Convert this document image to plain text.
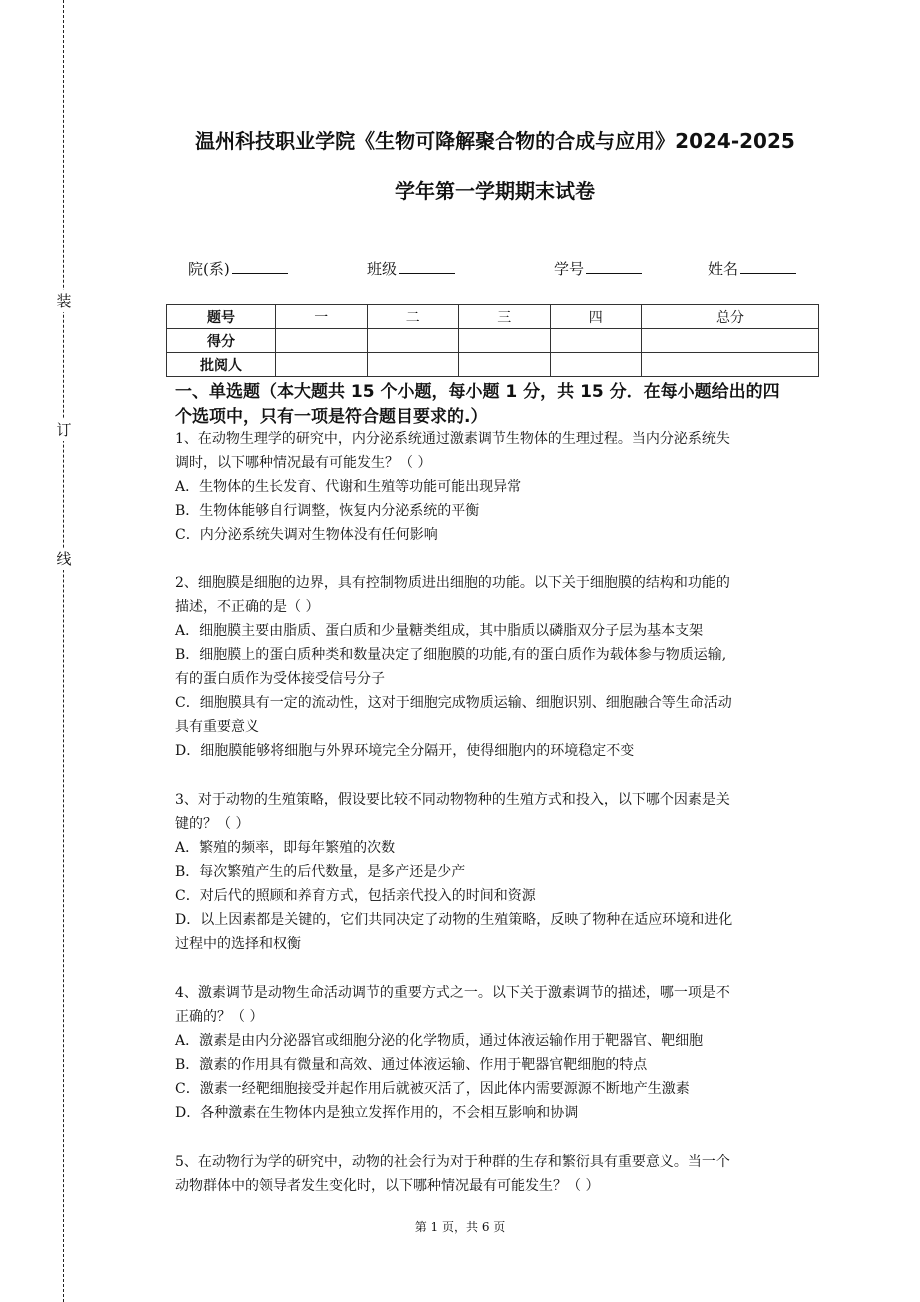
装
订
线
温州科技职业学院《生物可降解聚合物的合成与应用》2024-2025
学年第一学期期末试卷
院(系)	班级	学号	姓名
题号	一	二	三	四	总分
得分					
批阅人					
一、单选题（本大题共 15 个小题，每小题 1 分，共 15 分．在每小题给出的四
个选项中，只有一项是符合题目要求的.）
1、在动物生理学的研究中，内分泌系统通过激素调节生物体的生理过程。当内分泌系统失
调时，以下哪种情况最有可能发生？（ ）
A．生物体的生长发育、代谢和生殖等功能可能出现异常
B．生物体能够自行调整，恢复内分泌系统的平衡
C．内分泌系统失调对生物体没有任何影响
2、细胞膜是细胞的边界，具有控制物质进出细胞的功能。以下关于细胞膜的结构和功能的
描述，不正确的是（ ）
A．细胞膜主要由脂质、蛋白质和少量糖类组成，其中脂质以磷脂双分子层为基本支架
B．细胞膜上的蛋白质种类和数量决定了细胞膜的功能,有的蛋白质作为载体参与物质运输,
有的蛋白质作为受体接受信号分子
C．细胞膜具有一定的流动性，这对于细胞完成物质运输、细胞识别、细胞融合等生命活动
具有重要意义
D．细胞膜能够将细胞与外界环境完全分隔开，使得细胞内的环境稳定不变
3、对于动物的生殖策略，假设要比较不同动物物种的生殖方式和投入，以下哪个因素是关
键的？（ ）
A．繁殖的频率，即每年繁殖的次数
B．每次繁殖产生的后代数量，是多产还是少产
C．对后代的照顾和养育方式，包括亲代投入的时间和资源
D．以上因素都是关键的，它们共同决定了动物的生殖策略，反映了物种在适应环境和进化
过程中的选择和权衡
4、激素调节是动物生命活动调节的重要方式之一。以下关于激素调节的描述，哪一项是不
正确的？（ ）
A．激素是由内分泌器官或细胞分泌的化学物质，通过体液运输作用于靶器官、靶细胞
B．激素的作用具有微量和高效、通过体液运输、作用于靶器官靶细胞的特点
C．激素一经靶细胞接受并起作用后就被灭活了，因此体内需要源源不断地产生激素
D．各种激素在生物体内是独立发挥作用的，不会相互影响和协调
5、在动物行为学的研究中，动物的社会行为对于种群的生存和繁衍具有重要意义。当一个
动物群体中的领导者发生变化时，以下哪种情况最有可能发生？（ ）
第 1 页，共 6 页
